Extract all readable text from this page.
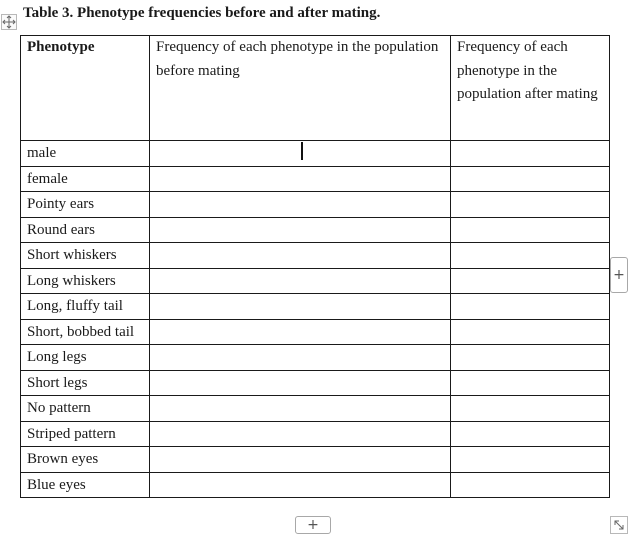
Table 3. Phenotype frequencies before and after mating.
Phenotype	Frequency of each phenotype in the population before mating	Frequency of each phenotype in the population after mating
male		
female		
Pointy ears		
Round ears		
Short whiskers		
Long whiskers		
Long, fluffy tail		
Short, bobbed tail		
Long legs		
Short legs		
No pattern		
Striped pattern		
Brown eyes		
Blue eyes		
+
+
